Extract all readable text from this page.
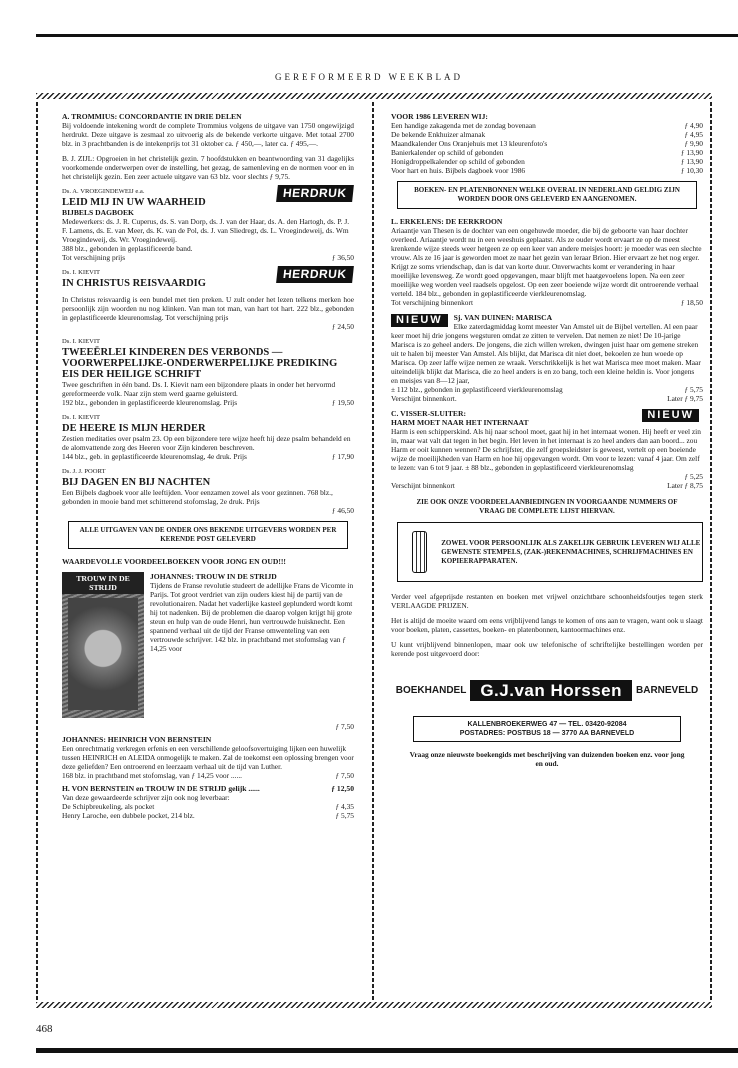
GEREFORMEERD WEEKBLAD
A. TROMMIUS: CONCORDANTIE IN DRIE DELEN

Bij voldoende intekening wordt de complete Trommius volgens de uitgave van 1750 ongewijzigd herdrukt. Deze uitgave is zesmaal zo uitvoerig als de bekende verkorte uitgave. Met totaal 2700 blz. in 3 prachtbanden is de intekenprijs tot 31 oktober ca. ƒ 450,—, later ca. ƒ 495,—.

B. J. ZIJL: Opgroeien in het christelijk gezin. 7 hoofdstukken en beantwoording van 31 dagelijks voorkomende onderwerpen over de instelling, het gezag, de samenleving en de normen voor en in het christelijk gezin. Een zeer actuele uitgave van 63 blz. voor slechts ƒ 9,75.

HERDRUK
Ds. A. VROEGINDEWEIJ e.a.
LEID MIJ IN UW WAARHEID
BIJBELS DAGBOEK
Medewerkers: ds. J. R. Cuperus, ds. S. van Dorp, ds. J. van der Haar, ds. A. den Hartogh, ds. P. J. F. Lamens, ds. E. van Meer, ds. K. van de Pol, ds. J. van Sliedregt, ds. L. Vroegindeweij, ds. Wm Vroegindeweij, ds. Wr. Vroegindeweij.
388 blz., gebonden in geplastificeerde band.
Tot verschijning prijs	ƒ 36,50
HERDRUK
Ds. I. KIEVIT
IN CHRISTUS REISVAARDIG

In Christus reisvaardig is een bundel met tien preken. U zult onder het lezen telkens merken hoe persoonlijk zijn woorden nu nog klinken. Van man tot man, van hart tot hart. 222 blz., gebonden in geplastificeerde kleurenomslag. Tot verschijning prijs

ƒ 24,50
Ds. I. KIEVIT
TWEEËRLEI KINDEREN DES VERBONDS — VOORWERPELIJKE-ONDERWERPELIJKE PREDIKING EIS DER HEILIGE SCHRIFT
Twee geschriften in één band. Ds. I. Kievit nam een bijzondere plaats in onder het hervormd gereformeerde volk. Naar zijn stem werd gaarne geluisterd.
192 blz., gebonden in geplastificeerde kleurenomslag. Prijs	ƒ 19,50
Ds. I. KIEVIT
DE HEERE IS MIJN HERDER
Zestien meditaties over psalm 23. Op een bijzondere tere wijze heeft hij deze psalm behandeld en de alomvattende zorg des Heeren voor Zijn kinderen beschreven.
144 blz., geb. in geplastificeerde kleurenomslag, 4e druk. Prijs	ƒ 17,90
Ds. J. J. POORT
BIJ DAGEN EN BIJ NACHTEN
Een Bijbels dagboek voor alle leeftijden. Voor eenzamen zowel als voor gezinnen. 768 blz., gebonden in mooie band met schitterend stofomslag, 2e druk. Prijs
ƒ 46,50
ALLE UITGAVEN VAN DE ONDER ONS BEKENDE UITGEVERS WORDEN PER KERENDE POST GELEVERD
WAARDEVOLLE VOORDEELBOEKEN VOOR JONG EN OUD!!!
TROUW IN DE STRIJD
JOHANNES: TROUW IN DE STRIJD
Tijdens de Franse revolutie studeert de adellijke Frans de Vicomte in Parijs. Tot groot verdriet van zijn ouders kiest hij de partij van de revolutionairen. Nadat het vaderlijke kasteel geplunderd wordt komt hij tot nadenken. Bij de problemen die daarop volgen krijgt hij grote steun en hulp van de oude Henri, hun vertrouwde huisknecht. Een spannend verhaal uit de tijd der Franse omwenteling van een vertrouwde schrijver. 142 blz. in prachtband met stofomslag van ƒ 14,25 voor
ƒ 7,50
JOHANNES: HEINRICH VON BERNSTEIN
Een onrechtmatig verkregen erfenis en een verschillende geloofsovertuiging lijken een huwelijk tussen HEINRICH en ALEIDA onmogelijk te maken. Zal de toekomst een oplossing brengen voor deze geliefden? Een ontroerend en leerzaam verhaal uit de tijd van Luther.
168 blz. in prachtband met stofomslag, van ƒ 14,25 voor ......	ƒ 7,50
H. VON BERNSTEIN en TROUW IN DE STRIJD gelijk ......	ƒ 12,50
Van deze gewaardeerde schrijver zijn ook nog leverbaar:
De Schipbreukeling, als pocket	ƒ 4,35
Henry Laroche, een dubbele pocket, 214 blz.	ƒ 5,75
VOOR 1986 LEVEREN WIJ:
Een handige zakagenda met de zondag bovenaan	ƒ 4,90
De bekende Enkhuizer almanak	ƒ 4,95
Maandkalender Ons Oranjehuis met 13 kleurenfoto's	ƒ 9,90
Banierkalender op schild of gebonden	ƒ 13,90
Honigdroppelkalender op schild of gebonden	ƒ 13,90
Voor hart en huis. Bijbels dagboek voor 1986	ƒ 10,30
BOEKEN- EN PLATENBONNEN WELKE OVERAL IN NEDERLAND GELDIG ZIJN WORDEN DOOR ONS GELEVERD EN AANGENOMEN.
L. ERKELENS: DE EERKROON
Ariaantje van Thesen is de dochter van een ongehuwde moeder, die bij de geboorte van haar dochter overleed. Ariaantje wordt nu in een weeshuis geplaatst. Als ze ouder wordt ervaart ze op de meest krenkende wijze steeds weer hetgeen ze op een keer van andere meisjes hoort: je moeder was een slechte vrouw. Als ze 16 jaar is geworden moet ze naar het gezin van leraar Brion. Hier ervaart ze het nog erger. Krijgt ze soms vriendschap, dan is dat van korte duur. Onverwachts komt er verandering in haar moeilijke levensweg. Ze wordt goed opgevangen, maar blijft met haatgevoelens lopen. Na een zeer moeilijke weg worden veel raadsels opgelost. Op een zeer boeiende wijze wordt dit ontroerende verhaal verteld. 184 blz., gebonden in geplastificeerde vierkleurenomslag.
Tot verschijning binnenkort	ƒ 18,50
NIEUW	Sj. VAN DUINEN: MARISCA
Elke zaterdagmiddag komt meester Van Amstel uit de Bijbel vertellen. Al een paar keer moet hij drie jongens wegsturen omdat ze zitten te vervelen. Dat nemen ze niet! De 10-jarige Marisca is zo geheel anders. De jongens, die zich willen wreken, dwingen juist haar om gemene streken uit te halen bij meester Van Amstel. Als blijkt, dat Marisca dit niet doet, bekoelen ze hun woede op Marisca. Op zeer laffe wijze nemen ze wraak. Verschrikkelijk is het wat Marisca mee moet maken. Maar uiteindelijk blijkt dat Marisca, die zo heel anders is en zo bang, toch een kleine heldin is. Voor jongens en meisjes van 8—12 jaar,
± 112 blz., gebonden in geplastificeerd vierkleurenomslag	ƒ 5,75
Verschijnt binnenkort.	Later ƒ 9,75
NIEUW
C. VISSER-SLUITER:
HARM MOET NAAR HET INTERNAAT
Harm is een schipperskind. Als hij naar school moet, gaat hij in het internaat wonen. Hij heeft er veel zin in, maar wat valt dat tegen in het begin. Het leven in het internaat is zo heel anders dan aan boord... zou Harm er ooit kunnen wennen? De schrijfster, die zelf groepsleidster is geweest, vertelt op een boeiende wijze de moeilijkheden van Harm en hoe hij opgevangen wordt. Om voor te lezen: vanaf 4 jaar. Om zelf te lezen: van 6 tot 9 jaar. ± 88 blz., gebonden in geplastificeerd vierkleurenomslag
ƒ 5,25
Verschijnt binnenkort	Later ƒ 8,75
ZIE OOK ONZE VOORDEELAANBIEDINGEN IN VOORGAANDE NUMMERS OF VRAAG DE COMPLETE LIJST HIERVAN.
ZOWEL VOOR PERSOONLIJK ALS ZAKELIJK GEBRUIK LEVEREN WIJ ALLE GEWENSTE STEMPELS, (ZAK-)REKENMACHINES, SCHRIJFMACHINES EN KOPIEERAPPARATEN.

Verder veel afgeprijsde restanten en boeken met vrijwel onzichtbare schoonheidsfoutjes tegen sterk VERLAAGDE PRIJZEN.

Het is altijd de moeite waard om eens vrijblijvend langs te komen of ons aan te vragen, want ook u slaagt voor boeken, platen, cassettes, boeken- en platenbonnen, kantoormachines enz.

U kunt vrijblijvend binnenlopen, maar ook uw telefonische of schriftelijke bestellingen worden per kerende post uitgevoerd door:

BOEKHANDEL G.J.van Horssen	BARNEVELD
KALLENBROEKERWEG 47 — TEL. 03420-92084
POSTADRES: POSTBUS 18 — 3770 AA BARNEVELD
Vraag onze nieuwste boekengids met beschrijving van duizenden boeken enz. voor jong en oud.
468
